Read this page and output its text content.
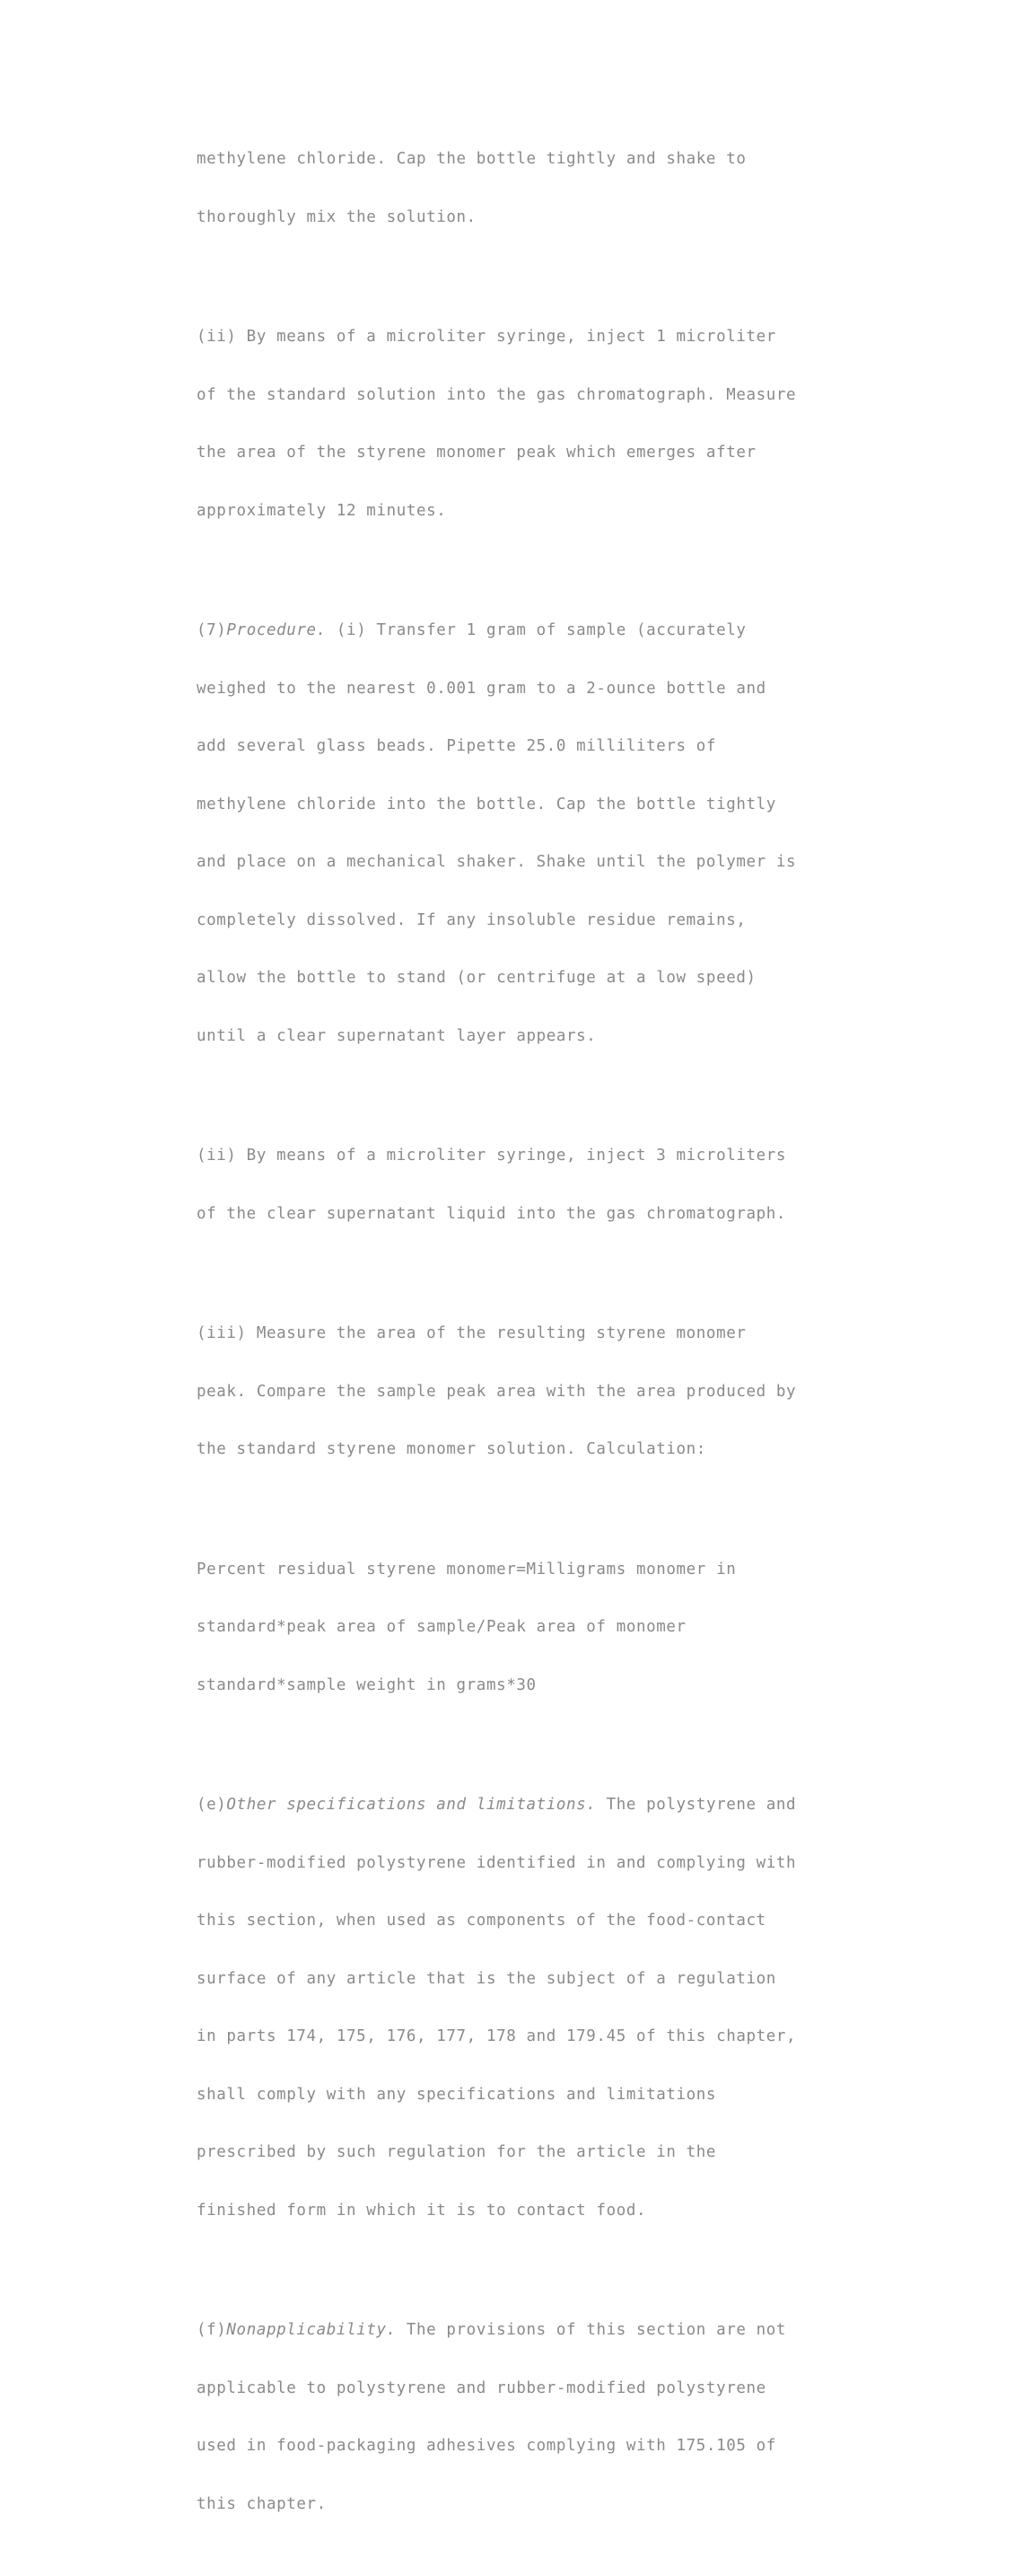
methylene chloride. Cap the bottle tightly and shake to

thoroughly mix the solution.

(ii) By means of a microliter syringe, inject 1 microliter

of the standard solution into the gas chromatograph. Measure

the area of the styrene monomer peak which emerges after

approximately 12 minutes.

(7)Procedure. (i) Transfer 1 gram of sample (accurately

weighed to the nearest 0.001 gram to a 2-ounce bottle and

add several glass beads. Pipette 25.0 milliliters of

methylene chloride into the bottle. Cap the bottle tightly

and place on a mechanical shaker. Shake until the polymer is

completely dissolved. If any insoluble residue remains,

allow the bottle to stand (or centrifuge at a low speed)

until a clear supernatant layer appears.

(ii) By means of a microliter syringe, inject 3 microliters

of the clear supernatant liquid into the gas chromatograph.

(iii) Measure the area of the resulting styrene monomer

peak. Compare the sample peak area with the area produced by

the standard styrene monomer solution. Calculation:

Percent residual styrene monomer=Milligrams monomer in

standard*peak area of sample/Peak area of monomer

standard*sample weight in grams*30

(e)Other specifications and limitations. The polystyrene and

rubber-modified polystyrene identified in and complying with

this section, when used as components of the food-contact

surface of any article that is the subject of a regulation

in parts 174, 175, 176, 177, 178 and 179.45 of this chapter,

shall comply with any specifications and limitations

prescribed by such regulation for the article in the

finished form in which it is to contact food.

(f)Nonapplicability. The provisions of this section are not

applicable to polystyrene and rubber-modified polystyrene

used in food-packaging adhesives complying with 175.105 of

this chapter.
